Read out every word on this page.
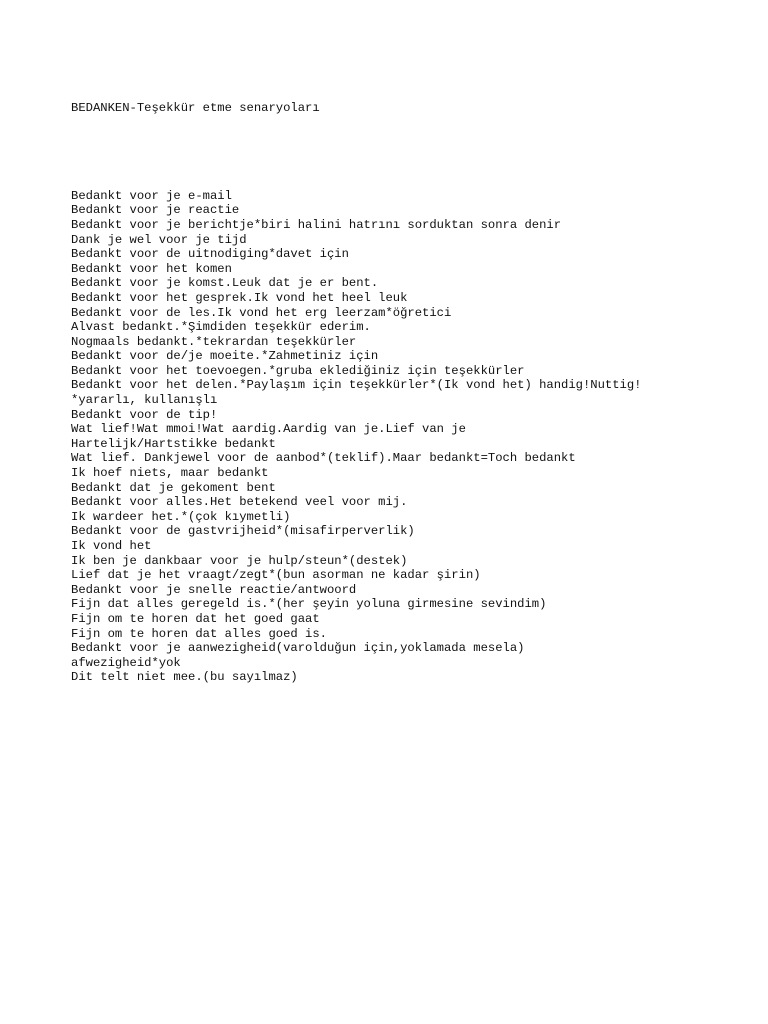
BEDANKEN-Teşekkür etme senaryoları

Bedankt voor je e-mail
Bedankt voor je reactie
Bedankt voor je berichtje*biri halini hatrını sorduktan sonra denir
Dank je wel voor je tijd
Bedankt voor de uitnodiging*davet için
Bedankt voor het komen
Bedankt voor je komst.Leuk dat je er bent.
Bedankt voor het gesprek.Ik vond het heel leuk
Bedankt voor de les.Ik vond het erg leerzam*öğretici
Alvast bedankt.*Şimdiden teşekkür ederim.
Nogmaals bedankt.*tekrardan teşekkürler
Bedankt voor de/je moeite.*Zahmetiniz için
Bedankt voor het toevoegen.*gruba eklediğiniz için teşekkürler
Bedankt voor het delen.*Paylaşım için teşekkürler*(Ik vond het) handig!Nuttig!
*yararlı, kullanışlı
Bedankt voor de tip!
Wat lief!Wat mmoi!Wat aardig.Aardig van je.Lief van je
Hartelijk/Hartstikke bedankt
Wat lief. Dankjewel voor de aanbod*(teklif).Maar bedankt=Toch bedankt
Ik hoef niets, maar bedankt
Bedankt dat je gekoment bent
Bedankt voor alles.Het betekend veel voor mij.
Ik wardeer het.*(çok kıymetli)
Bedankt voor de gastvrijheid*(misafirperverlik)
Ik vond het
Ik ben je dankbaar voor je hulp/steun*(destek)
Lief dat je het vraagt/zegt*(bun asorman ne kadar şirin)
Bedankt voor je snelle reactie/antwoord
Fijn dat alles geregeld is.*(her şeyin yoluna girmesine sevindim)
Fijn om te horen dat het goed gaat
Fijn om te horen dat alles goed is.
Bedankt voor je aanwezigheid(varolduğun için,yoklamada mesela)
afwezigheid*yok
Dit telt niet mee.(bu sayılmaz)
